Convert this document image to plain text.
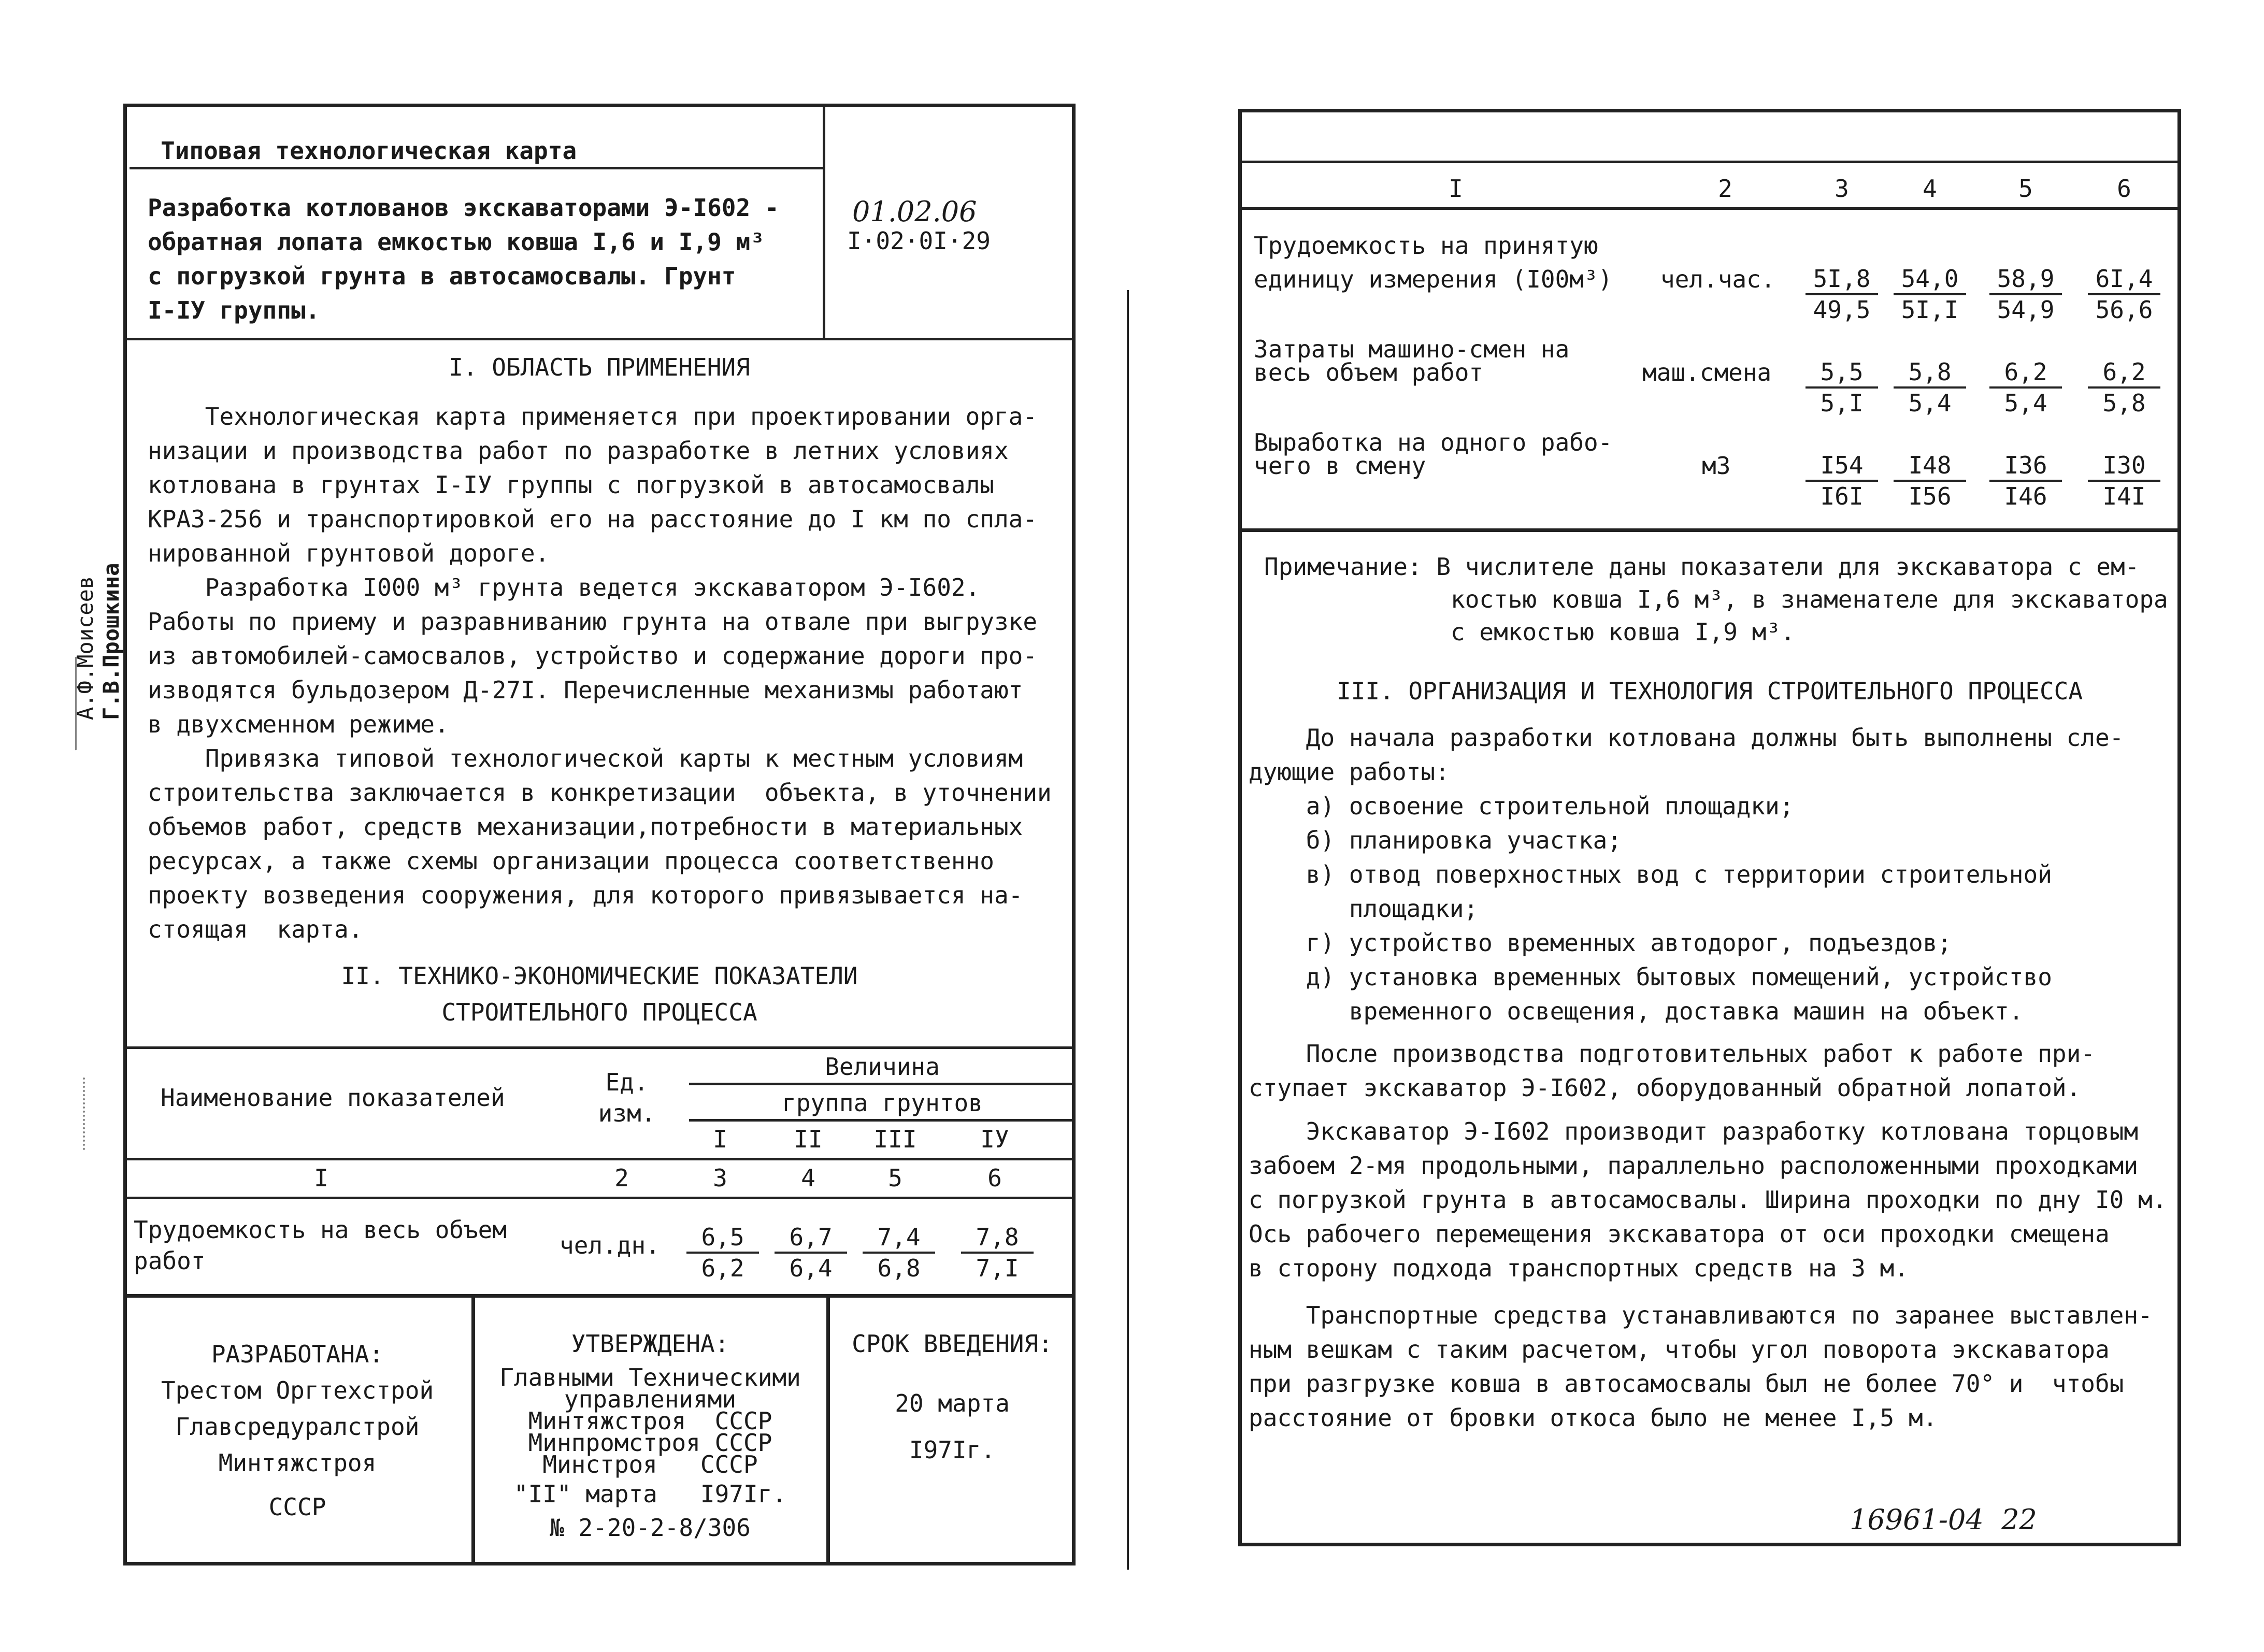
Типовая технологическая карта
Разработка котлованов экскаваторами Э-I602 -
обратная лопата емкостью ковша I,6 и I,9 м³
с погрузкой грунта в автосамосвалы. Грунт
I-IУ группы.
01.02.06
I·02·0I·29
I. ОБЛАСТЬ ПРИМЕНЕНИЯ
Технологическая карта применяется при проектировании орга-
низации и производства работ по разработке в летних условиях
котлована в грунтах I-IУ группы с погрузкой в автосамосвалы
КРАЗ-256 и транспортировкой его на расстояние до I км по спла-
нированной грунтовой дороге.
Разработка I000 м³ грунта ведется экскаватором Э-I602.
Работы по приему и разравниванию грунта на отвале при выгрузке
из автомобилей-самосвалов, устройство и содержание дороги про-
изводятся бульдозером Д-27I. Перечисленные механизмы работают
в двухсменном режиме.
Привязка типовой технологической карты к местным условиям
строительства заключается в конкретизации  объекта, в уточнении
объемов работ, средств механизации,потребности в материальных
ресурсах, а также схемы организации процесса соответственно
проекту возведения сооружения, для которого привязывается на-
стоящая  карта.
II. ТЕХНИКО-ЭКОНОМИЧЕСКИЕ ПОКАЗАТЕЛИ
СТРОИТЕЛЬНОГО ПРОЦЕССА
Наименование показателей
Ед.
изм.
Величина
группа грунтов
I	II	III	IУ
I	2	3	4	5	6
Трудоемкость на весь объем
работ
чел.дн. $\frac{6,5}{6,2} \frac{6,7}{6,4} \frac{7,4}{6,8} \frac{7,8}{7,I}$
РАЗРАБОТАНА:
Трестом Оргтехстрой
Главсредуралстрой
Минтяжстроя
СССР
УТВЕРЖДЕНА:
Главными Техническими
управлениями
Минтяжстроя  СССР
Минпромстроя СССР
Минстроя   СССР
"II" марта   I97Iг.
№ 2-20-2-8/306
СРОК ВВЕДЕНИЯ:
20 марта
I97Iг.
А.Ф.Моисеев Г.В.Прошкина
I	2	3	4	5	6
Трудоемкость на принятую
единицу измерения (I00м³) чел.час. $\frac{5I,8}{49,5} \frac{54,0}{5I,I} \frac{58,9}{54,9} \frac{6I,4}{56,6}$
Затраты машино-смен на
весь объем работ	маш.смена $\frac{5,5}{5,I} \frac{5,8}{5,4} \frac{6,2}{5,4} \frac{6,2}{5,8}$
Выработка на одного рабо-
чего в смену	м3	$\frac{I54}{I6I} \frac{I48}{I56} \frac{I36}{I46} \frac{I30}{I4I}$
Примечание: В числителе даны показатели для экскаватора с ем-
костью ковша I,6 м³, в знаменателе для экскаватора
с емкостью ковша I,9 м³.
III. ОРГАНИЗАЦИЯ И ТЕХНОЛОГИЯ СТРОИТЕЛЬНОГО ПРОЦЕССА
До начала разработки котлована должны быть выполнены сле-
дующие работы:
а) освоение строительной площадки;
б) планировка участка;
в) отвод поверхностных вод с территории строительной
площадки;
г) устройство временных автодорог, подъездов;
д) установка временных бытовых помещений, устройство
временного освещения, доставка машин на объект.
После производства подготовительных работ к работе при-
ступает экскаватор Э-I602, оборудованный обратной лопатой.
Экскаватор Э-I602 производит разработку котлована торцовым
забоем 2-мя продольными, параллельно расположенными проходками
с погрузкой грунта в автосамосвалы. Ширина проходки по дну I0 м.
Ось рабочего перемещения экскаватора от оси проходки смещена
в сторону подхода транспортных средств на 3 м.
Транспортные средства устанавливаются по заранее выставлен-
ным вешкам с таким расчетом, чтобы угол поворота экскаватора
при разгрузке ковша в автосамосвалы был не более 70° и  чтобы
расстояние от бровки откоса было не менее I,5 м.
16961-04  22
